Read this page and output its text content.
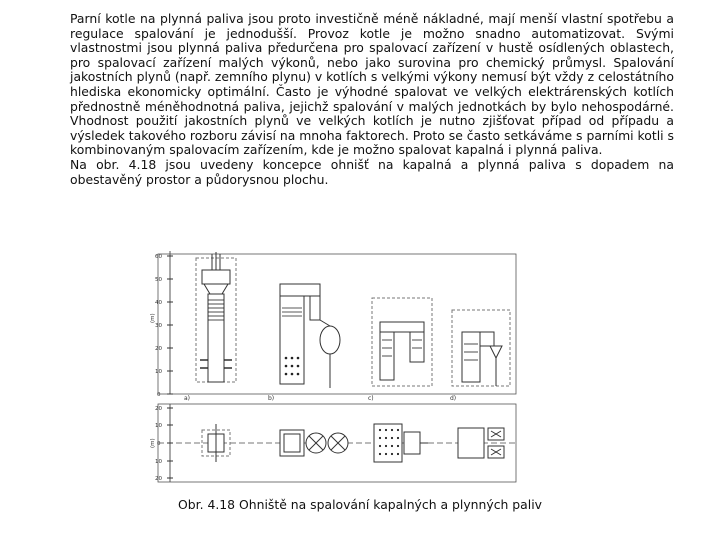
Parní kotle na plynná paliva jsou proto investičně méně nákladné, mají menší vlastní spotřebu a regulace spalování je jednodušší. Provoz kotle je možno snadno automatizovat. Svými vlastnostmi jsou plynná paliva předurčena pro spalovací zařízení v hustě osídlených oblastech, pro spalovací zařízení malých výkonů, nebo jako surovina pro chemický průmysl. Spalování jakostních plynů (např. zemního plynu) v kotlích s velkými výkony nemusí být vždy z celostátního hlediska ekonomicky optimální. Často je výhodné spalovat ve velkých elektrárenských kotlích přednostně méněhodnotná paliva, jejichž spalování v malých jednotkách by bylo nehospodárné. Vhodnost použití jakostních plynů ve velkých kotlích je nutno zjišťovat případ od případu a výsledek takového rozboru závisí na mnoha faktorech. Proto se často setkáváme s parními kotli s kombinovaným spalovacím zařízením, kde je možno spalovat kapalná i plynná paliva.

Na obr. 4.18 jsou uvedeny koncepce ohnišť na kapalná a plynná paliva s dopadem na obestavěný prostor a půdorysnou plochu.

60
50
40
30
20
10
0
(m)
a)	b)	c)	d)
20
10
0
10
20
(m)
Obr. 4.18 Ohniště na spalování kapalných a plynných paliv
